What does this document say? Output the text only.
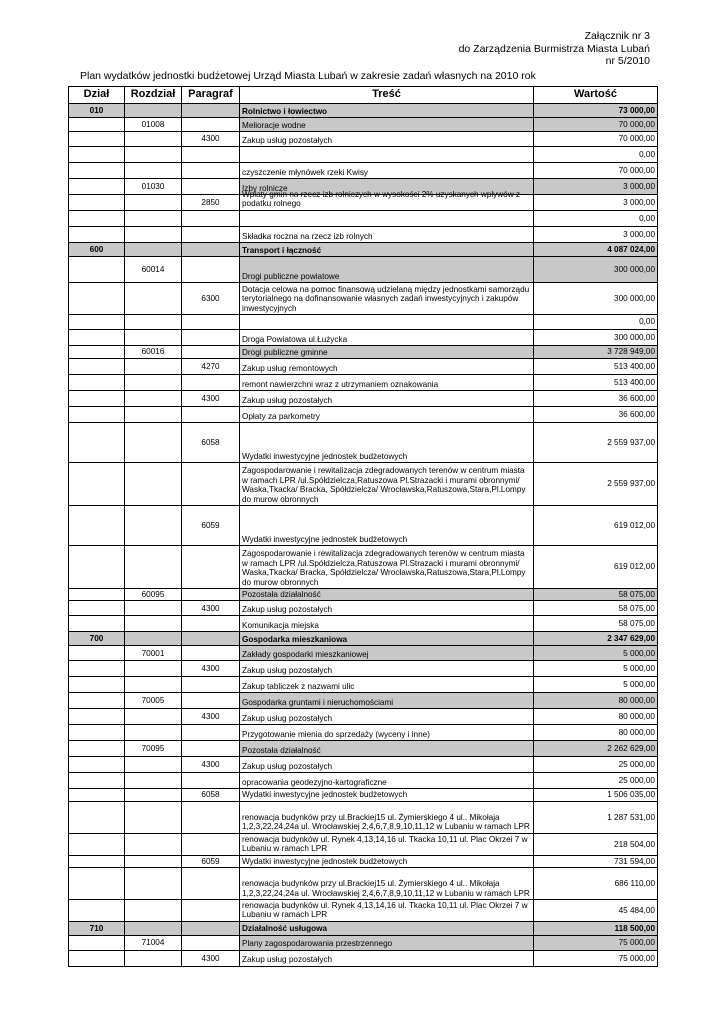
Załącznik nr 3
do Zarządzenia Burmistrza Miasta Lubań
nr 5/2010
Plan wydatków jednostki budżetowej Urząd Miasta Lubań w zakresie zadań własnych na 2010 rok
Dział	Rozdział	Paragraf	Treść	Wartość
010			Rolnictwo i łowiectwo	73 000,00
	01008		Melioracje wodne	70 000,00
		4300	Zakup usług pozostałych	70 000,00
				0,00
			czyszczenie młynówek rzeki Kwisy	70 000,00
	01030		Izby rolnicze	3 000,00
		2850	Wpłaty gmin na rzecz izb rolniczych w wysokości 2% uzyskanych wpływów z podatku rolnego	3 000,00
				0,00
			Składka roczna na rzecz izb rolnych	3 000,00
600			Transport i łączność	4 087 024,00
	60014		Drogi publiczne powiatowe	300 000,00
		6300	Dotacja celowa na pomoc finansową udzielaną między jednostkami samorządu terytorialnego na dofinansowanie własnych zadań inwestycyjnych i zakupów inwestycyjnych	300 000,00
				0,00
			Droga Powiatowa ul.Łużycka	300 000,00
	60016		Drogi publiczne gminne	3 728 949,00
		4270	Zakup usług remontowych	513 400,00
			remont nawierzchni wraz z utrzymaniem oznakowania	513 400,00
		4300	Zakup usług pozostałych	36 600,00
			Opłaty za parkometry	36 600,00
		6058	Wydatki inwestycyjne jednostek budżetowych	2 559 937,00
			Zagospodarowanie i rewitalizacja zdegradowanych terenów w centrum miasta w ramach LPR /ul.Spółdzielcza,Ratuszowa Pl.Strazacki i murami obronnymi/ Waska,Tkacka/ Bracka, Spółdzielcza/ Wrocławska,Ratuszowa,Stara,Pl.Lompy do murow obronnych	2 559 937,00
		6059	Wydatki inwestycyjne jednostek budżetowych	619 012,00
			Zagospodarowanie i rewitalizacja zdegradowanych terenów w centrum miasta w ramach LPR /ul.Spółdzielcza,Ratuszowa Pl.Strazacki i murami obronnymi/ Waska,Tkacka/ Bracka, Spółdzielcza/ Wrocławska,Ratuszowa,Stara,Pl.Lompy do murow obronnych	619 012,00
	60095		Pozostała działalność	58 075,00
		4300	Zakup usług pozostałych	58 075,00
			Komunikacja miejska	58 075,00
700			Gospodarka mieszkaniowa	2 347 629,00
	70001		Zakłady gospodarki mieszkaniowej	5 000,00
		4300	Zakup usług pozostałych	5 000,00
			Zakup tabliczek z nazwami ulic	5 000,00
	70005		Gospodarka gruntami i nieruchomościami	80 000,00
		4300	Zakup usług pozostałych	80 000,00
			Przygotowanie mienia do sprzedaży (wyceny i inne)	80 000,00
	70095		Pozostała działalność	2 262 629,00
		4300	Zakup usług pozostałych	25 000,00
			opracowania geodezyjno-kartograficzne	25 000,00
		6058	Wydatki inwestycyjne jednostek budżetowych	1 506 035,00
			renowacja budynków przy ul.Brackiej15 ul. Żymierskiego 4 ul.. Mikołaja 1,2,3,22,24,24a ul. Wrocławskiej 2,4,6,7,8,9,10,11,12 w Lubaniu w ramach LPR	1 287 531,00
			renowacja budynków ul. Rynek 4,13,14,16 ul. Tkacka 10,11 ul. Plac Okrzei 7 w Lubaniu w ramach LPR	218 504,00
		6059	Wydatki inwestycyjne jednostek budżetowych	731 594,00
			renowacja budynków przy ul.Brackiej15 ul. Żymierskiego 4 ul.. Mikołaja 1,2,3,22,24,24a ul. Wrocławskiej 2,4,6,7,8,9,10,11,12 w Lubaniu w ramach LPR	686 110,00
			renowacja budynków ul. Rynek 4,13,14,16 ul. Tkacka 10,11 ul. Plac Okrzei 7 w Lubaniu w ramach LPR	45 484,00
710			Działalność usługowa	118 500,00
	71004		Plany zagospodarowania przestrzennego	75 000,00
		4300	Zakup usług pozostałych	75 000,00
